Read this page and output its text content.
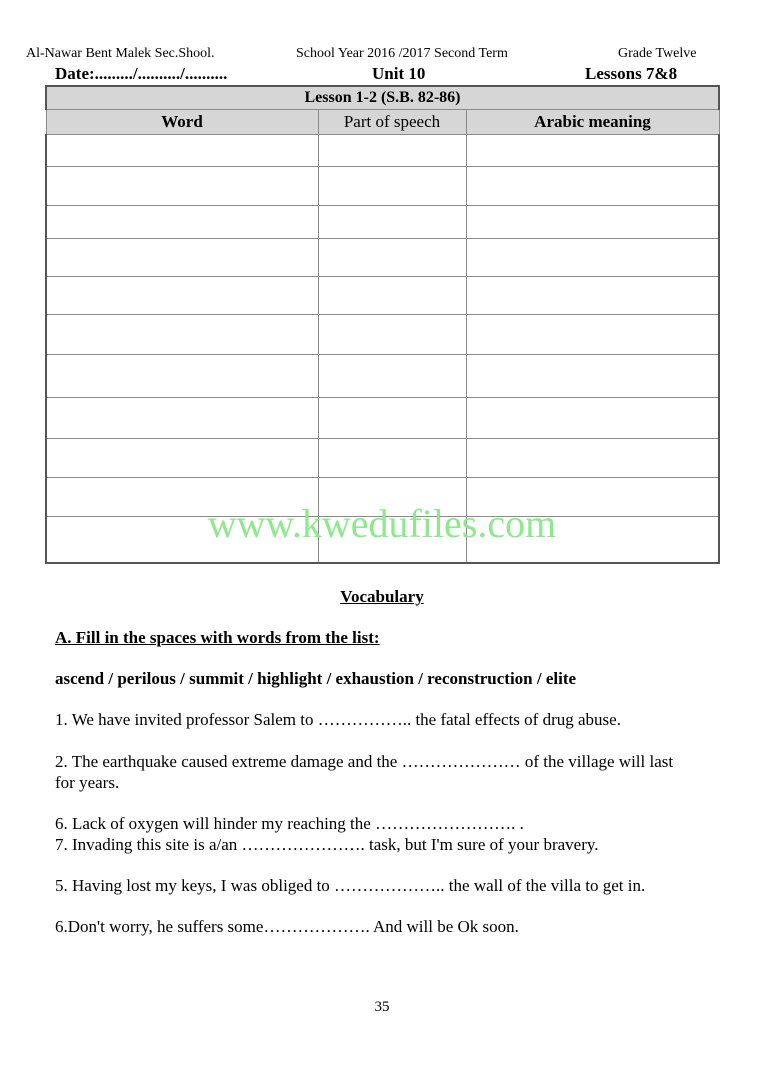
Al-Nawar Bent Malek Sec.Shool.	School Year 2016 /2017 Second Term	Grade Twelve
Date:........./........../..........	Unit 10	Lessons 7&8
Lesson 1-2 (S.B. 82-86)		
Word	Part of speech	Arabic meaning

www.kwedufiles.com
Vocabulary
A. Fill in the spaces with words from the list:
ascend / perilous / summit / highlight / exhaustion / reconstruction / elite
1. We have invited professor Salem to …………….. the fatal effects of drug abuse.
2. The earthquake caused extreme damage and the ………………… of the village will last
for years.
6. Lack of oxygen will hinder my reaching the ……………………. .
7. Invading this site is a/an …………………. task, but I'm sure of your bravery.
5. Having lost my keys, I was obliged to ……………….. the wall of the villa to get in.
6.Don't worry, he suffers some………………. And will be Ok soon.
35
